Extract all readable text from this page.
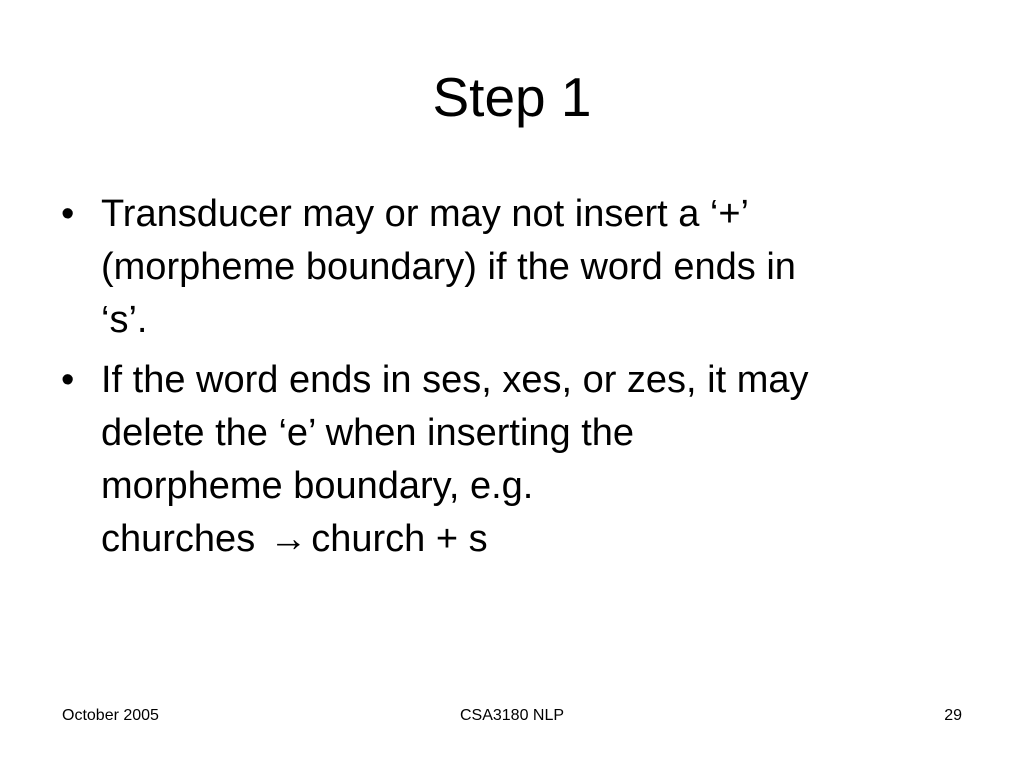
Step 1
• Transducer may or may not insert a ‘+’
(morpheme boundary) if the word ends in
‘s’.
• If the word ends in ses, xes, or zes, it may
delete the ‘e’ when inserting the
morpheme boundary, e.g.
churches → church + s
October 2005	CSA3180 NLP	29
